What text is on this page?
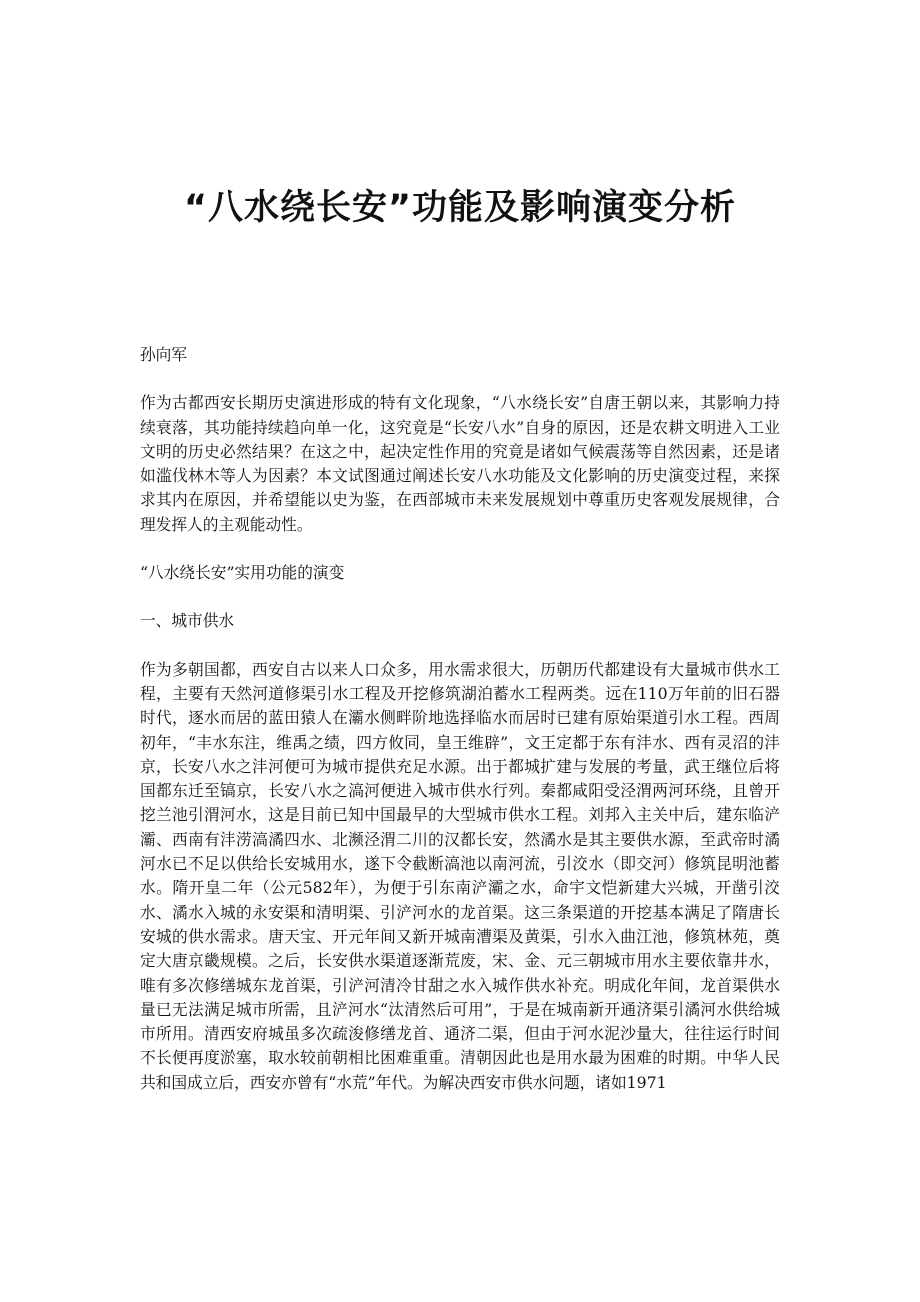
“八水绕长安”功能及影响演变分析

孙向军

作为古都西安长期历史演进形成的特有文化现象，“八水绕长安”自唐王朝以来，其影响力持续衰落，其功能持续趋向单一化，这究竟是“长安八水”自身的原因，还是农耕文明进入工业文明的历史必然结果？在这之中，起决定性作用的究竟是诸如气候震荡等自然因素，还是诸如滥伐林木等人为因素？本文试图通过阐述长安八水功能及文化影响的历史演变过程，来探求其内在原因，并希望能以史为鉴，在西部城市未来发展规划中尊重历史客观发展规律，合理发挥人的主观能动性。

“八水绕长安”实用功能的演变

一、城市供水

作为多朝国都，西安自古以来人口众多，用水需求很大，历朝历代都建设有大量城市供水工程，主要有天然河道修渠引水工程及开挖修筑湖泊蓄水工程两类。远在110万年前的旧石器时代，逐水而居的蓝田猿人在灞水侧畔阶地选择临水而居时已建有原始渠道引水工程。西周初年，“丰水东注，维禹之绩，四方攸同，皇王维辟”，文王定都于东有沣水、西有灵沼的沣京，长安八水之沣河便可为城市提供充足水源。出于都城扩建与发展的考量，武王继位后将国都东迁至镐京，长安八水之滈河便进入城市供水行列。秦都咸阳受泾渭两河环绕，且曾开挖兰池引渭河水，这是目前已知中国最早的大型城市供水工程。刘邦入主关中后，建东临浐灞、西南有沣涝滈潏四水、北濒泾渭二川的汉都长安，然潏水是其主要供水源，至武帝时潏河水已不足以供给长安城用水，遂下令截断滈池以南河流，引洨水（即交河）修筑昆明池蓄水。隋开皇二年（公元582年），为便于引东南浐灞之水，命宇文恺新建大兴城，开凿引洨水、潏水入城的永安渠和清明渠、引浐河水的龙首渠。这三条渠道的开挖基本满足了隋唐长安城的供水需求。唐天宝、开元年间又新开城南漕渠及黄渠，引水入曲江池，修筑林苑，奠定大唐京畿规模。之后，长安供水渠道逐渐荒废，宋、金、元三朝城市用水主要依靠井水，唯有多次修缮城东龙首渠，引浐河清冷甘甜之水入城作供水补充。明成化年间，龙首渠供水量已无法满足城市所需，且浐河水“汰清然后可用”，于是在城南新开通济渠引潏河水供给城市所用。清西安府城虽多次疏浚修缮龙首、通济二渠，但由于河水泥沙量大，往往运行时间不长便再度淤塞，取水较前朝相比困难重重。清朝因此也是用水最为困难的时期。中华人民共和国成立后，西安亦曾有“水荒”年代。为解决西安市供水问题，诸如1971
